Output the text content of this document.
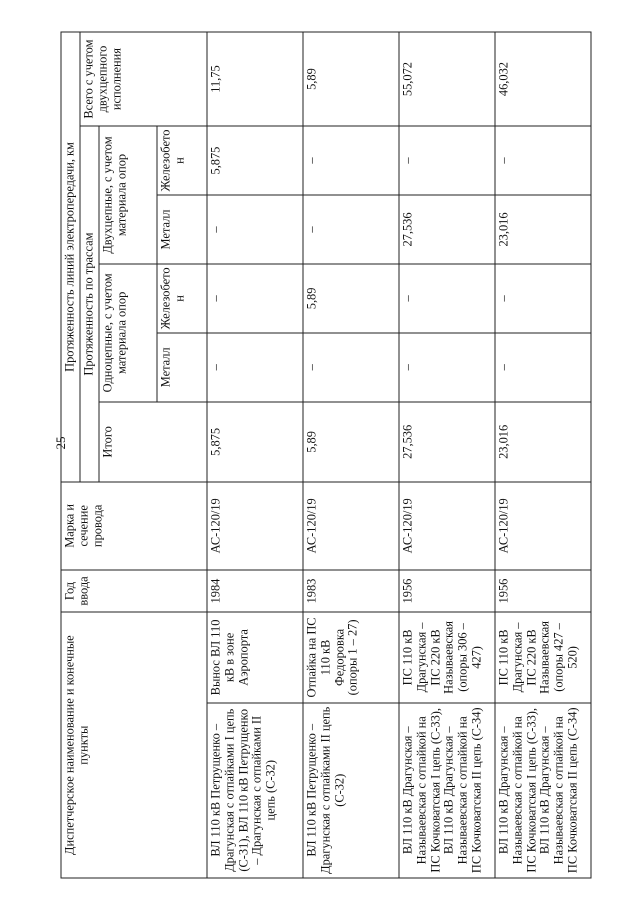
25
Диспетчерское наименование и конечные пункты		Год ввода	Марка и сечение провода	Протяженность линий электропередачи, км					
				Протяженность по трассам					Всего с учетом двухцепного исполнения
				Итого	Одноцепные, с учетом материала опор		Двухцепные, с учетом материала опор		
					Металл	Железобетон	Металл	Железобетон	
ВЛ 110 кВ Петрущенко – Драгунская с отпайками I цепь (С-31), ВЛ 110 кВ Петрущенко – Драгунская с отпайками II цепь (С-32)	Вынос ВЛ 110 кВ в зоне Аэропорта	1984	АС-120/19	5,875	–	–	–	5,875	11,75
ВЛ 110 кВ Петрущенко – Драгунская с отпайками II цепь (С-32)	Отпайка на ПС 110 кВ Федоровка (опоры 1 – 27)	1983	АС-120/19	5,89	–	5,89	–	–	5,89
ВЛ 110 кВ Драгунская – Назывaевская с отпайкой на ПС Кочковатская I цепь (С-33), ВЛ 110 кВ Драгунская – Назывaевская с отпайкой на ПС Кочковатская II цепь (С-34)	ПС 110 кВ Драгунская – ПС 220 кВ Назывaевская (опоры 306 – 427)	1956	АС-120/19	27,536	–	–	27,536	–	55,072
ВЛ 110 кВ Драгунская – Назывaевская с отпайкой на ПС Кочковатская I цепь (С-33), ВЛ 110 кВ Драгунская – Назывaевская с отпайкой на ПС Кочковатская II цепь (С-34)	ПС 110 кВ Драгунская – ПС 220 кВ Назывaевская (опоры 427 – 520)	1956	АС-120/19	23,016	–	–	23,016	–	46,032
